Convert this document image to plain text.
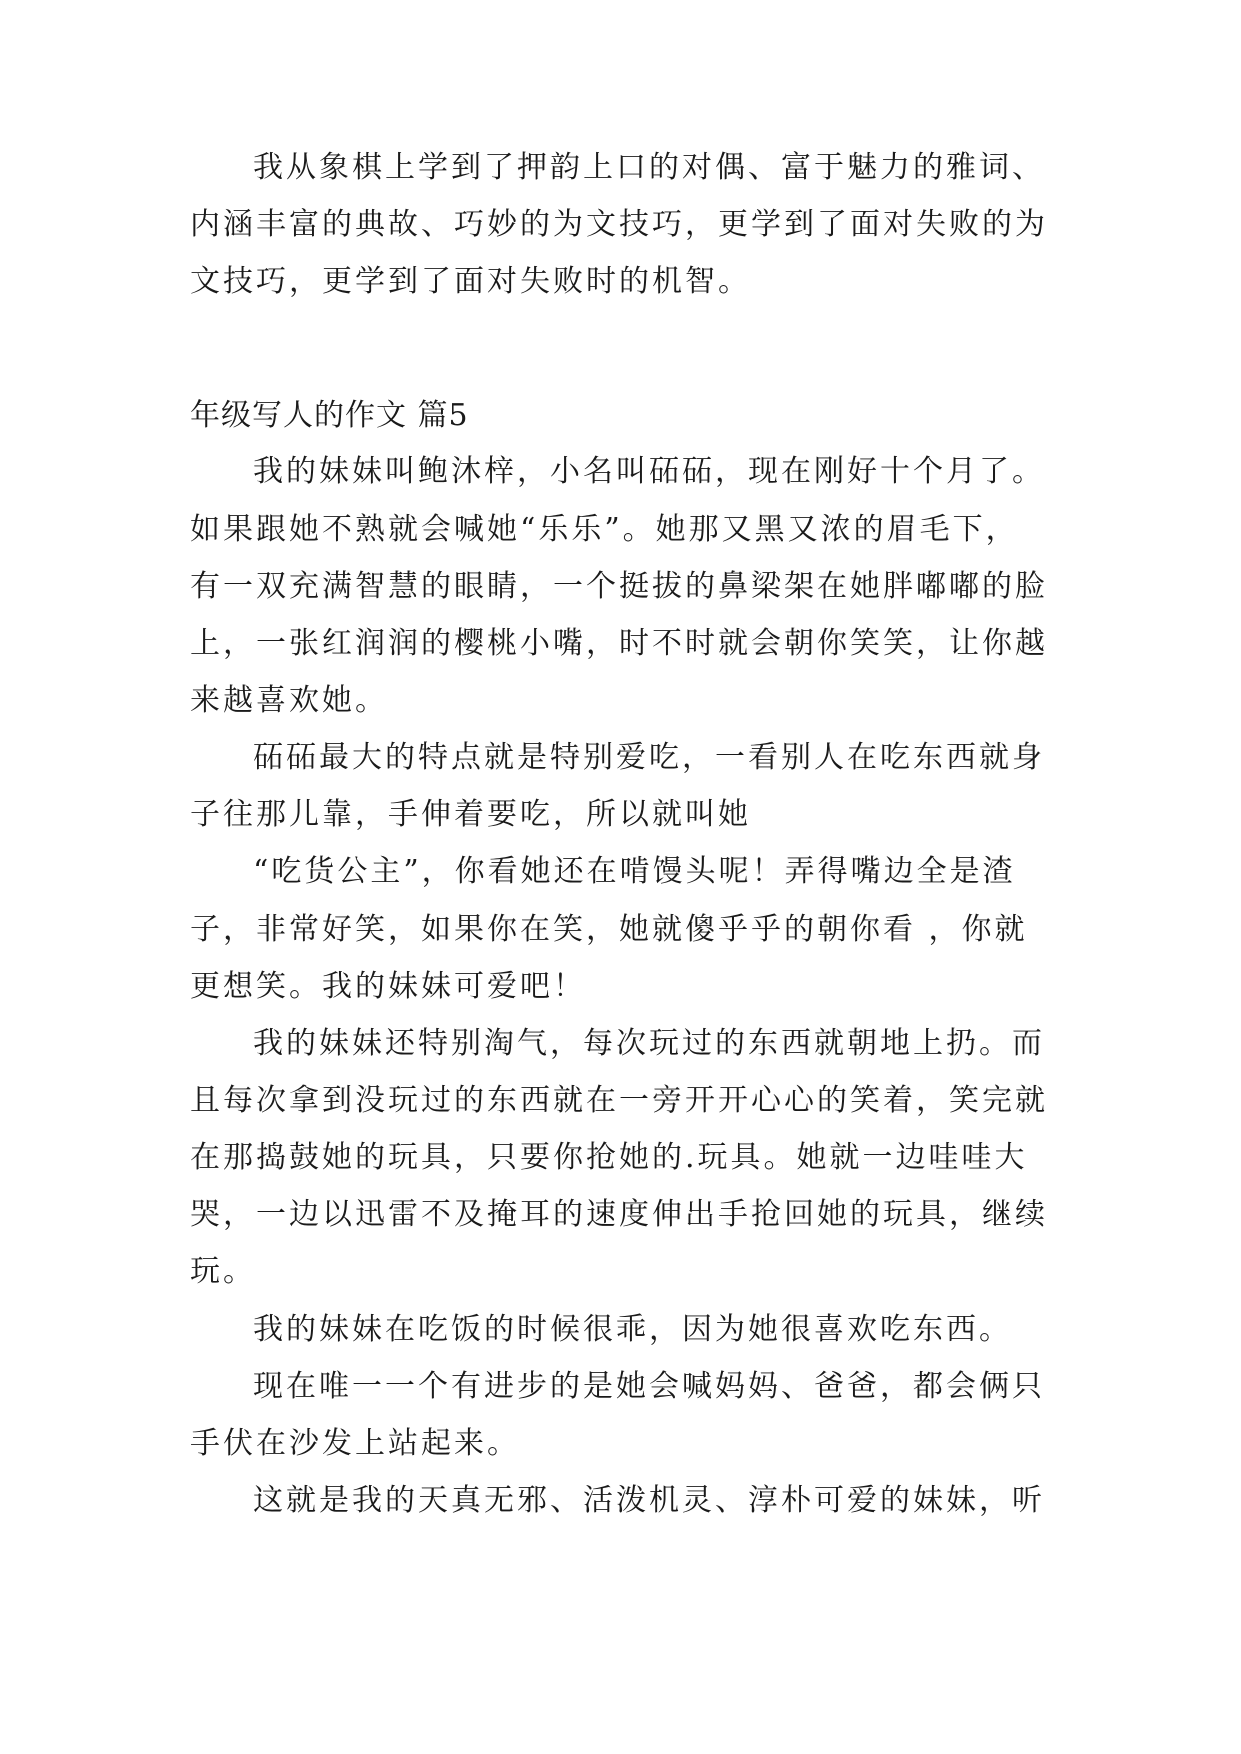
我从象棋上学到了押韵上口的对偶、富于魅力的雅词、
内涵丰富的典故、巧妙的为文技巧，更学到了面对失败的为
文技巧，更学到了面对失败时的机智。
年级写人的作文 篇5
我的妹妹叫鲍沐梓，小名叫砳砳，现在刚好十个月了。
如果跟她不熟就会喊她“乐乐”。她那又黑又浓的眉毛下，
有一双充满智慧的眼睛，一个挺拔的鼻梁架在她胖嘟嘟的脸
上，一张红润润的樱桃小嘴，时不时就会朝你笑笑，让你越
来越喜欢她。
砳砳最大的特点就是特别爱吃，一看别人在吃东西就身
子往那儿靠，手伸着要吃，所以就叫她
“吃货公主”，你看她还在啃馒头呢！弄得嘴边全是渣
子，非常好笑，如果你在笑，她就傻乎乎的朝你看 ，你就
更想笑。我的妹妹可爱吧！
我的妹妹还特别淘气，每次玩过的东西就朝地上扔。而
且每次拿到没玩过的东西就在一旁开开心心的笑着，笑完就
在那捣鼓她的玩具，只要你抢她的.玩具。她就一边哇哇大
哭，一边以迅雷不及掩耳的速度伸出手抢回她的玩具，继续
玩。
我的妹妹在吃饭的时候很乖，因为她很喜欢吃东西。
现在唯一一个有进步的是她会喊妈妈、爸爸，都会俩只
手伏在沙发上站起来。
这就是我的天真无邪、活泼机灵、淳朴可爱的妹妹，听
